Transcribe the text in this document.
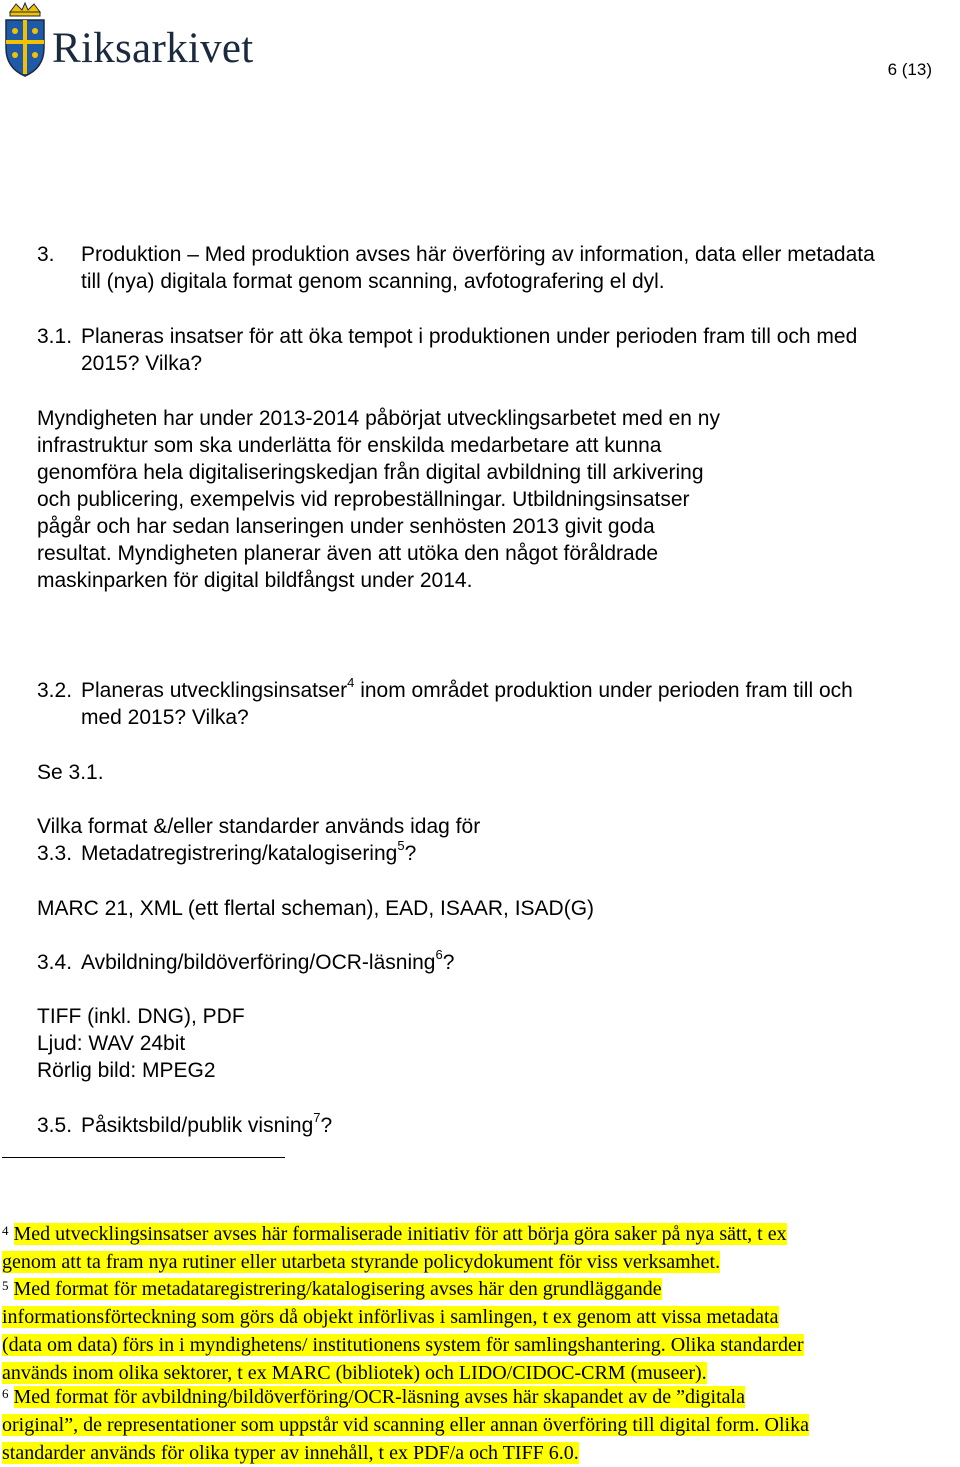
Riksarkivet	6 (13)
3. Produktion – Med produktion avses här överföring av information, data eller metadata
till (nya) digitala format genom scanning, avfotografering el dyl.
3.1. Planeras insatser för att öka tempot i produktionen under perioden fram till och med
2015? Vilka?
Myndigheten har under 2013-2014 påbörjat utvecklingsarbetet med en ny
infrastruktur som ska underlätta för enskilda medarbetare att kunna
genomföra hela digitaliseringskedjan från digital avbildning till arkivering
och publicering, exempelvis vid reprobeställningar. Utbildningsinsatser
pågår och har sedan lanseringen under senhösten 2013 givit goda
resultat. Myndigheten planerar även att utöka den något föråldrade
maskinparken för digital bildfångst under 2014.
3.2. Planeras utvecklingsinsatser$^4$ inom området produktion under perioden fram till och
med 2015? Vilka?
Se 3.1.
Vilka format &/eller standarder används idag för
3.3. Metadatregistrering/katalogisering$^5$?
MARC 21, XML (ett flertal scheman), EAD, ISAAR, ISAD(G)
3.4. Avbildning/bildöverföring/OCR-läsning$^6$?
TIFF (inkl. DNG), PDF
Ljud: WAV 24bit
Rörlig bild: MPEG2
3.5. Påsiktsbild/publik visning$^7$?
$^4$ Med utvecklingsinsatser avses här formaliserade initiativ för att börja göra saker på nya sätt, t ex
genom att ta fram nya rutiner eller utarbeta styrande policydokument för viss verksamhet.
$^5$ Med format för metadataregistrering/katalogisering avses här den grundläggande
informationsförteckning som görs då objekt införlivas i samlingen, t ex genom att vissa metadata
(data om data) förs in i myndighetens/ institutionens system för samlingshantering. Olika standarder
används inom olika sektorer, t ex MARC (bibliotek) och LIDO/CIDOC-CRM (museer).
$^6$ Med format för avbildning/bildöverföring/OCR-läsning avses här skapandet av de ”digitala
original”, de representationer som uppstår vid scanning eller annan överföring till digital form. Olika
standarder används för olika typer av innehåll, t ex PDF/a och TIFF 6.0.
